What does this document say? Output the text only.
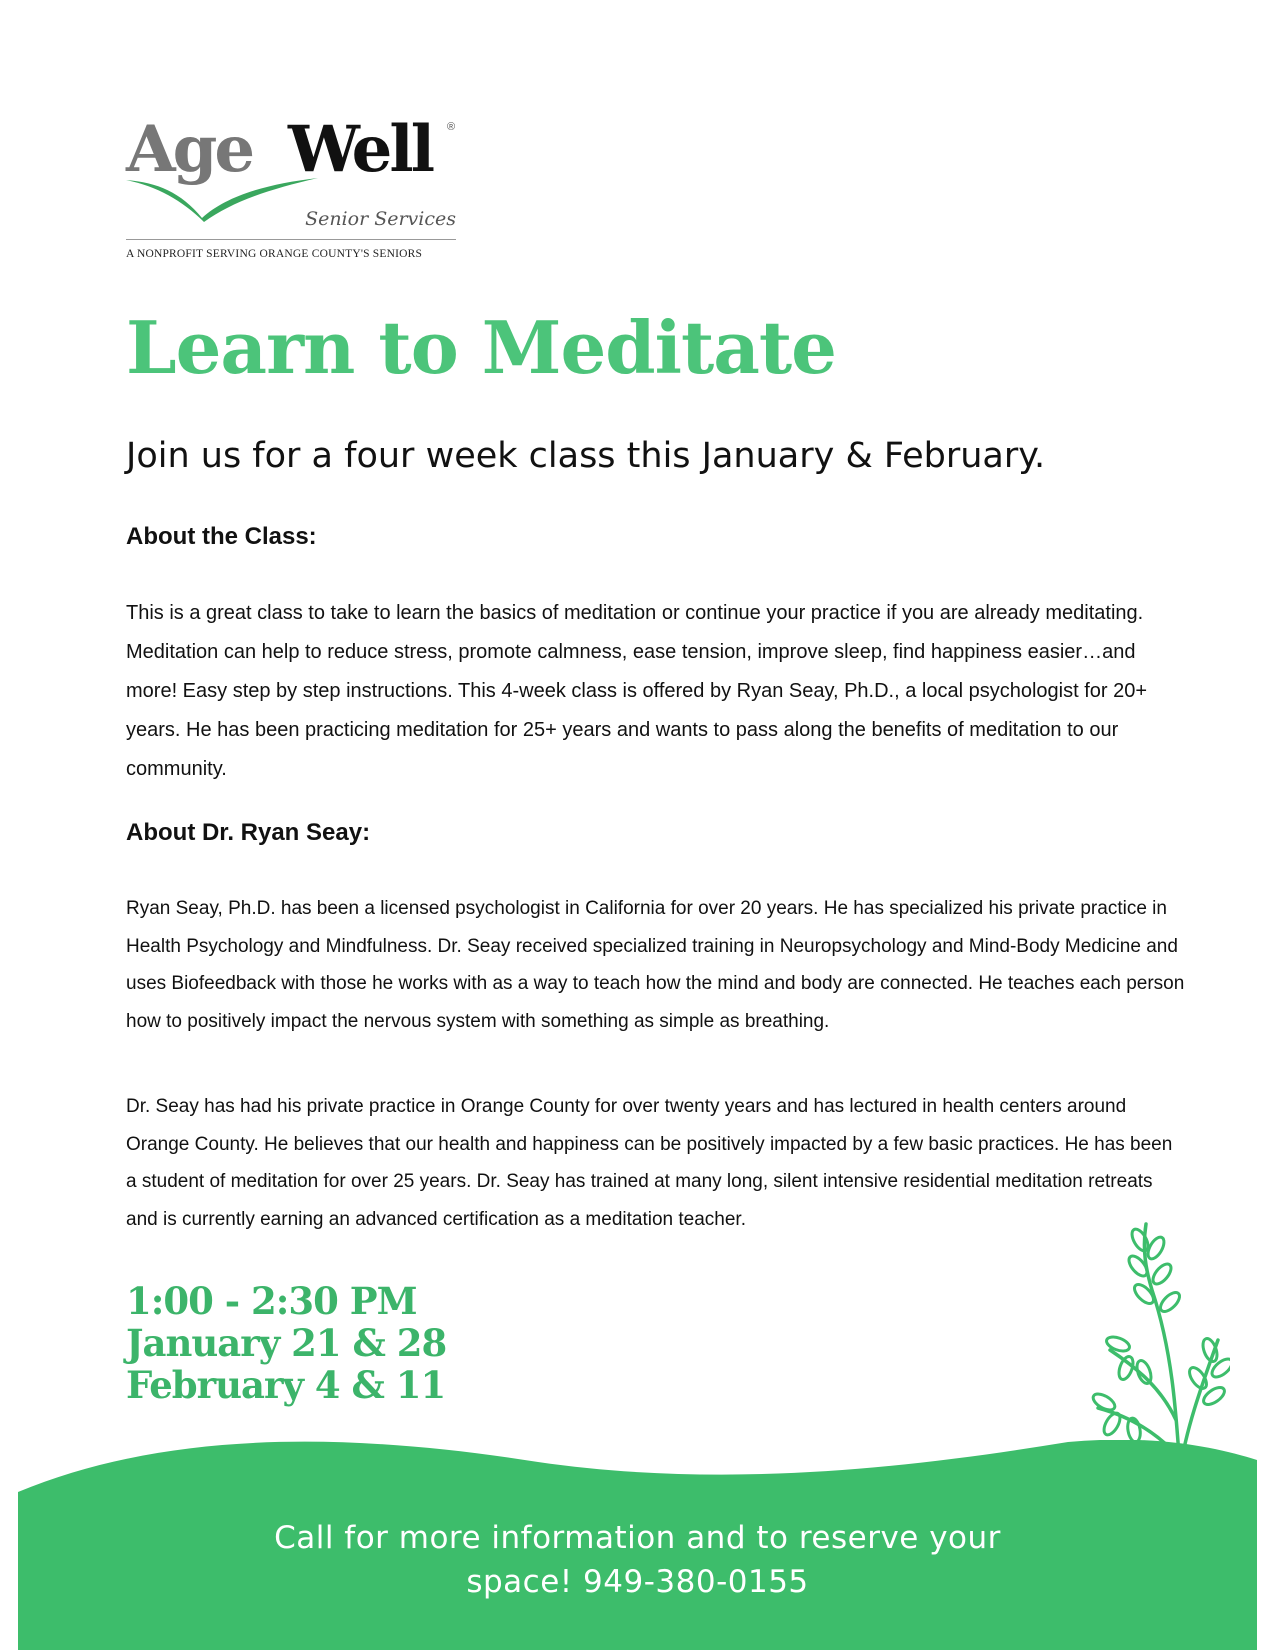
Age Well ®
Senior Services
A NONPROFIT SERVING ORANGE COUNTY'S SENIORS
Learn to Meditate

Join us for a four week class this January & February.

About the Class:

This is a great class to take to learn the basics of meditation or continue your practice if you are already meditating. Meditation can help to reduce stress, promote calmness, ease tension, improve sleep, find happiness easier…and more! Easy step by step instructions. This 4-week class is offered by Ryan Seay, Ph.D., a local psychologist for 20+ years. He has been practicing meditation for 25+ years and wants to pass along the benefits of meditation to our community.

About Dr. Ryan Seay:

Ryan Seay, Ph.D. has been a licensed psychologist in California for over 20 years. He has specialized his private practice in Health Psychology and Mindfulness. Dr. Seay received specialized training in Neuropsychology and Mind-Body Medicine and uses Biofeedback with those he works with as a way to teach how the mind and body are connected. He teaches each person how to positively impact the nervous system with something as simple as breathing.

Dr. Seay has had his private practice in Orange County for over twenty years and has lectured in health centers around Orange County. He believes that our health and happiness can be positively impacted by a few basic practices. He has been a student of meditation for over 25 years. Dr. Seay has trained at many long, silent intensive residential meditation retreats and is currently earning an advanced certification as a meditation teacher.

1:00 - 2:30 PM
January 21 & 28
February 4 & 11

Call for more information and to reserve your
space! 949-380-0155
